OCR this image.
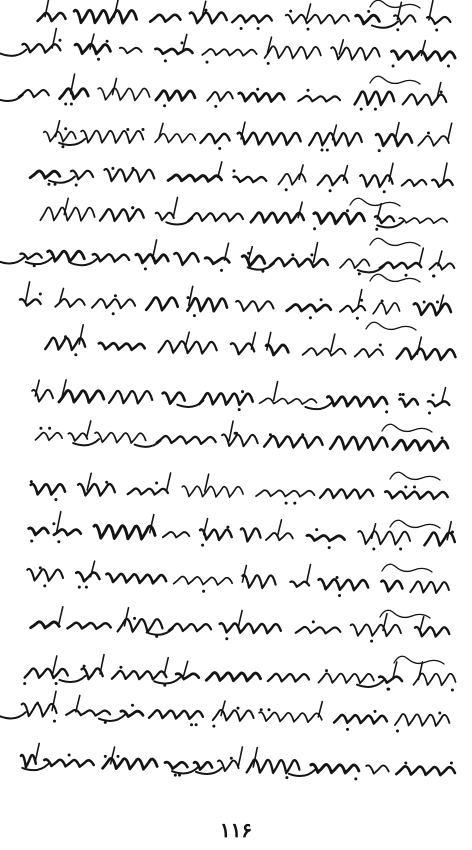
۱۱۶
